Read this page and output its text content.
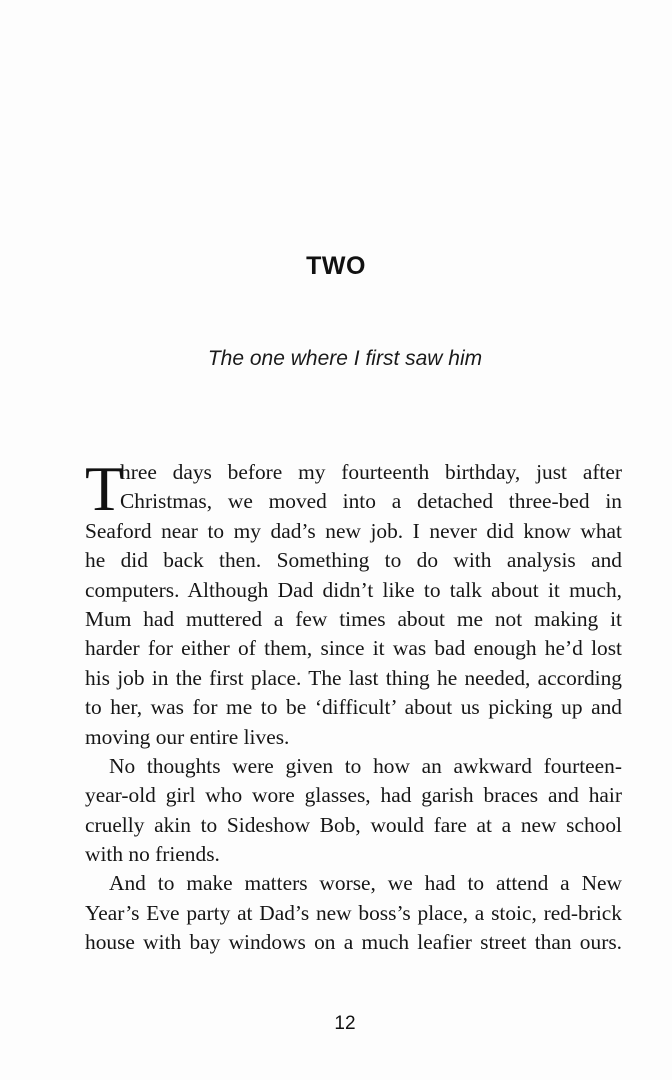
TWO
The one where I first saw him
T
hree days before my fourteenth birthday, just after
Christmas, we moved into a detached three-bed in
Seaford near to my dad’s new job. I never did know what
he did back then. Something to do with analysis and
computers. Although Dad didn’t like to talk about it much,
Mum had muttered a few times about me not making it
harder for either of them, since it was bad enough he’d lost
his job in the first place. The last thing he needed, according
to her, was for me to be ‘difficult’ about us picking up and
moving our entire lives.
No thoughts were given to how an awkward fourteen-
year-old girl who wore glasses, had garish braces and hair
cruelly akin to Sideshow Bob, would fare at a new school
with no friends.
And to make matters worse, we had to attend a New
Year’s Eve party at Dad’s new boss’s place, a stoic, red-brick
house with bay windows on a much leafier street than ours.
12
